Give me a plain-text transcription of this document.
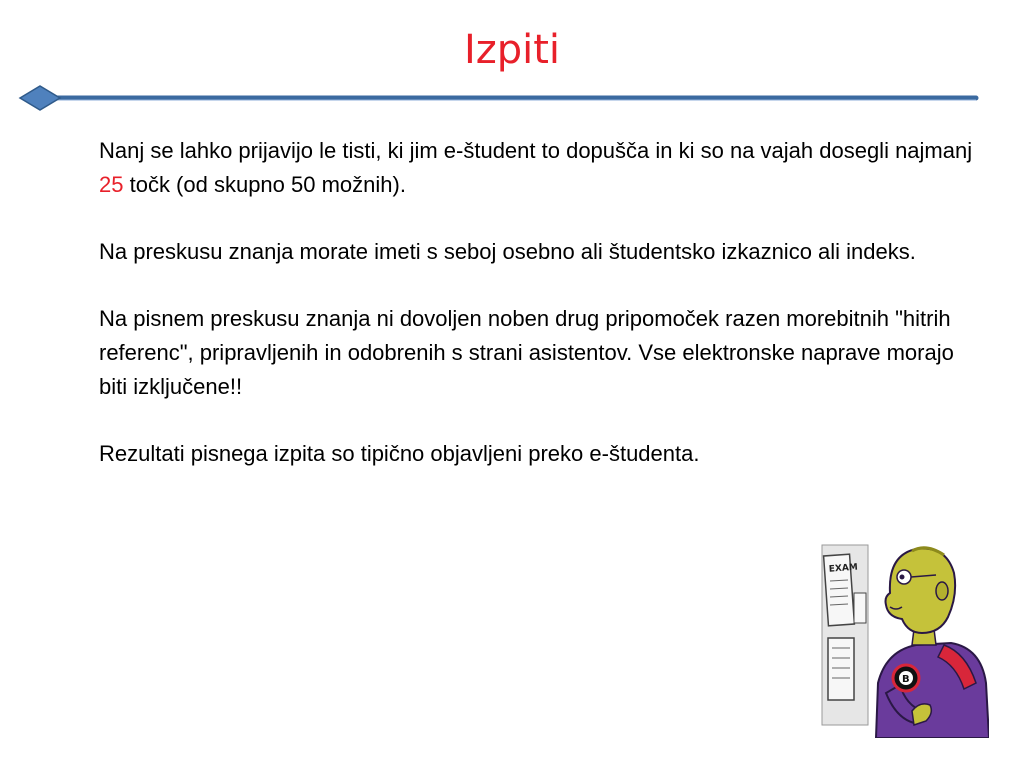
Izpiti

Nanj se lahko prijavijo le tisti, ki jim e-študent to dopušča in ki so na vajah dosegli najmanj 25 točk (od skupno 50 možnih).

Na preskusu znanja morate imeti s seboj osebno ali študentsko izkaznico ali indeks.

Na pisnem preskusu znanja ni dovoljen noben drug pripomoček razen morebitnih "hitrih referenc", pripravljenih in odobrenih s strani asistentov. Vse elektronske naprave morajo biti izključene!!

Rezultati pisnega izpita so tipično objavljeni preko e-študenta.

EXAM
B
